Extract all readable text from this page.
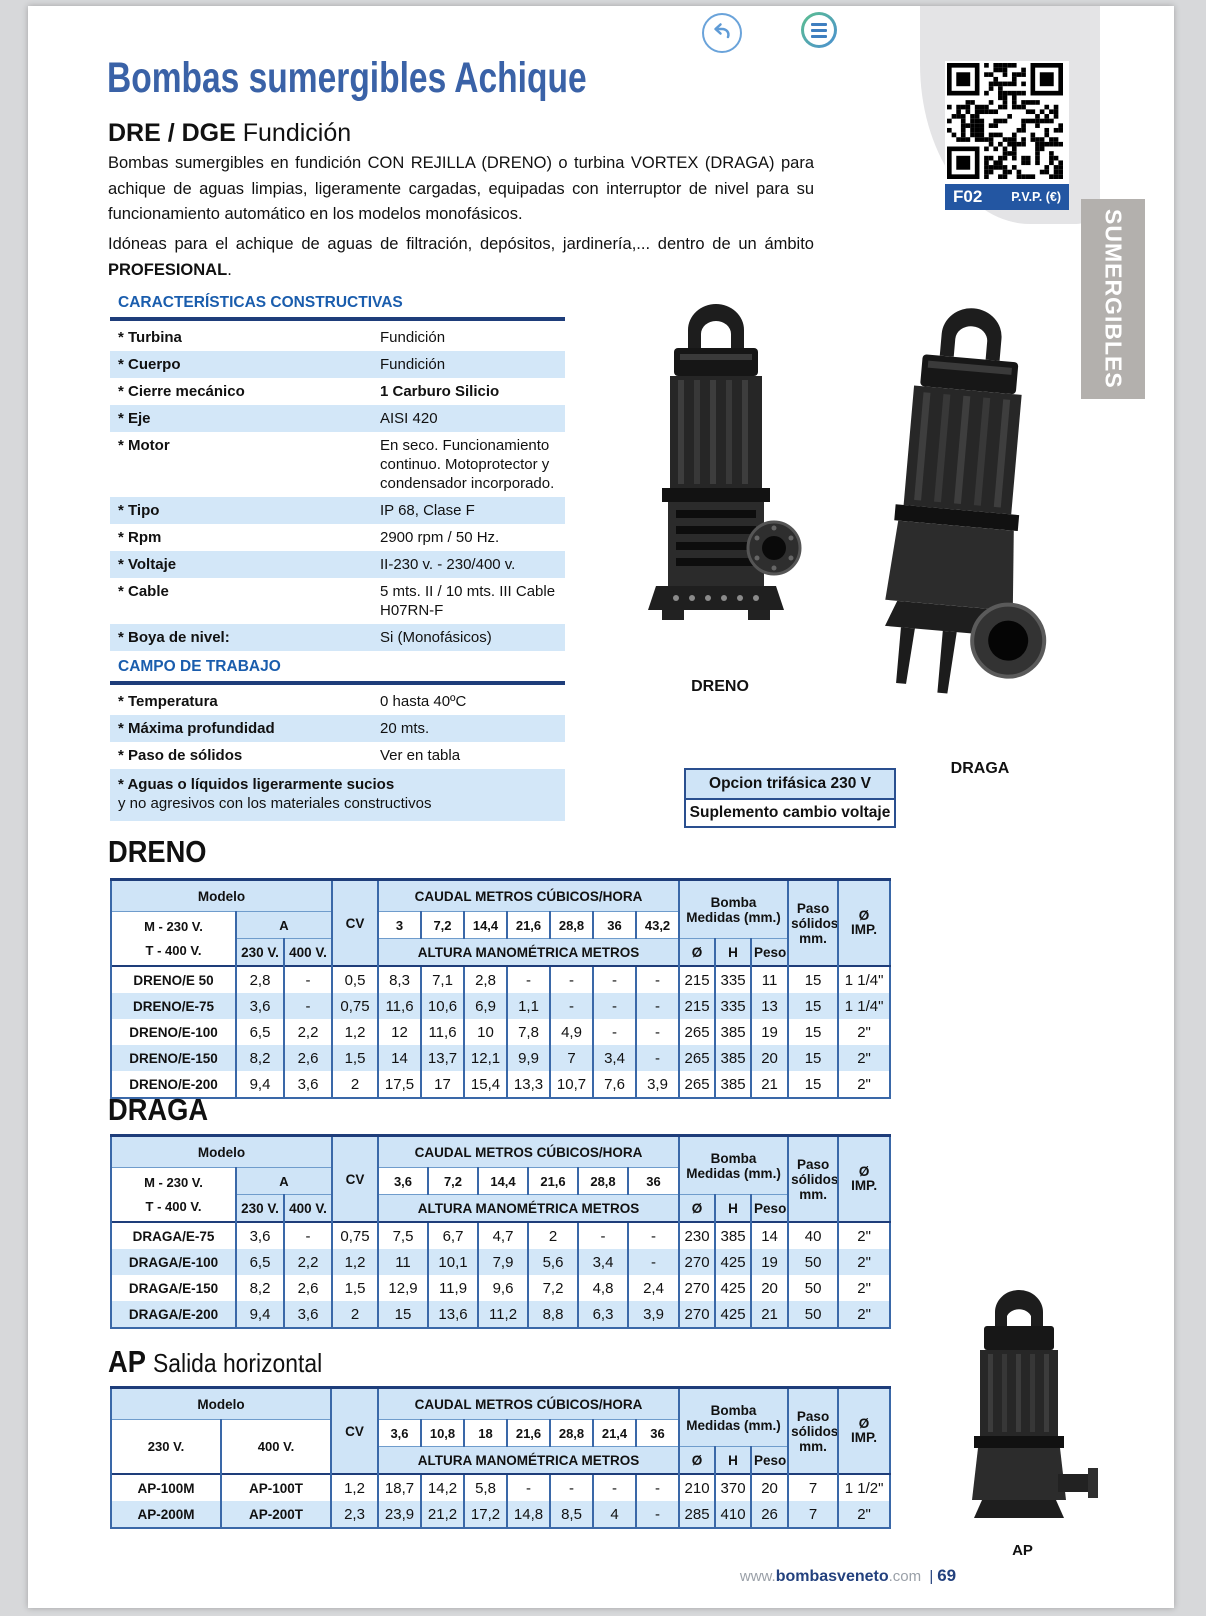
F02 P.V.P. (€)
Bombas sumergibles Achique
DRE / DGE Fundición
Bombas sumergibles en fundición CON REJILLA (DRENO) o turbina VORTEX (DRAGA) para achique de aguas limpias, ligeramente cargadas, equipadas con interruptor de nivel para su funcionamiento automático en los modelos monofásicos.
Idóneas para el achique de aguas de filtración, depósitos, jardinería,... dentro de un ámbito PROFESIONAL.
CARACTERÍSTICAS CONSTRUCTIVAS
* Turbina	Fundición
* Cuerpo	Fundición
* Cierre mecánico	1 Carburo Silicio
* Eje	AISI 420
* Motor	En seco. Funcionamiento continuo. Motoprotector y condensador incorporado.
* Tipo	IP 68, Clase F
* Rpm	2900 rpm / 50 Hz.
* Voltaje	II-230 v. - 230/400 v.
* Cable	5 mts. II / 10 mts. III Cable H07RN-F
* Boya de nivel:	Si (Monofásicos)
CAMPO DE TRABAJO
* Temperatura	0 hasta 40ºC
* Máxima profundidad	20 mts.
* Paso de sólidos	Ver en tabla
* Aguas o líquidos ligerarmente sucios
y no agresivos con los materiales constructivos
DRENO
DRAGA
Opcion trifásica 230 V
Suplemento cambio voltaje
DRENO
Modelo			CV	CAUDAL METROS CÚBICOS/HORA							Bomba Medidas (mm.)			Paso sólidos mm.	Ø
IMP.

M - 230 V.
T - 400 V.	A			3	7,2	14,4	21,6	28,8	36	43,2					
	230 V.	400 V.		ALTURA MANOMÉTRICA METROS							Ø	H	Peso		
DRENO/E 50	2,8	-	0,5	8,3	7,1	2,8	-	-	-	-	215	335	11	15	1 1/4"
DRENO/E-75	3,6	-	0,75	11,6	10,6	6,9	1,1	-	-	-	215	335	13	15	1 1/4"
DRENO/E-100	6,5	2,2	1,2	12	11,6	10	7,8	4,9	-	-	265	385	19	15	2"
DRENO/E-150	8,2	2,6	1,5	14	13,7	12,1	9,9	7	3,4	-	265	385	20	15	2"
DRENO/E-200	9,4	3,6	2	17,5	17	15,4	13,3	10,7	7,6	3,9	265	385	21	15	2"
DRAGA
Modelo			CV	CAUDAL METROS CÚBICOS/HORA						Bomba Medidas (mm.)			Paso sólidos mm.	Ø
IMP.

M - 230 V.
T - 400 V.	A			3,6	7,2	14,4	21,6	28,8	36					
	230 V.	400 V.		ALTURA MANOMÉTRICA METROS						Ø	H	Peso		
DRAGA/E-75	3,6	-	0,75	7,5	6,7	4,7	2	-	-	230	385	14	40	2"
DRAGA/E-100	6,5	2,2	1,2	11	10,1	7,9	5,6	3,4	-	270	425	19	50	2"
DRAGA/E-150	8,2	2,6	1,5	12,9	11,9	9,6	7,2	4,8	2,4	270	425	20	50	2"
DRAGA/E-200	9,4	3,6	2	15	13,6	11,2	8,8	6,3	3,9	270	425	21	50	2"
AP Salida horizontal
Modelo		CV	CAUDAL METROS CÚBICOS/HORA							Bomba Medidas (mm.)			Paso sólidos mm.	Ø
IMP.

230 V.	400 V.		3,6	10,8	18	21,6	28,8	21,4	36					
			ALTURA MANOMÉTRICA METROS							Ø	H	Peso		
AP-100M	AP-100T	1,2	18,7	14,2	5,8	-	-	-	-	210	370	20	7	1 1/2"
AP-200M	AP-200T	2,3	23,9	21,2	17,2	14,8	8,5	4	-	285	410	26	7	2"
AP
www.bombasveneto.com | 69
SUMERGIBLES
